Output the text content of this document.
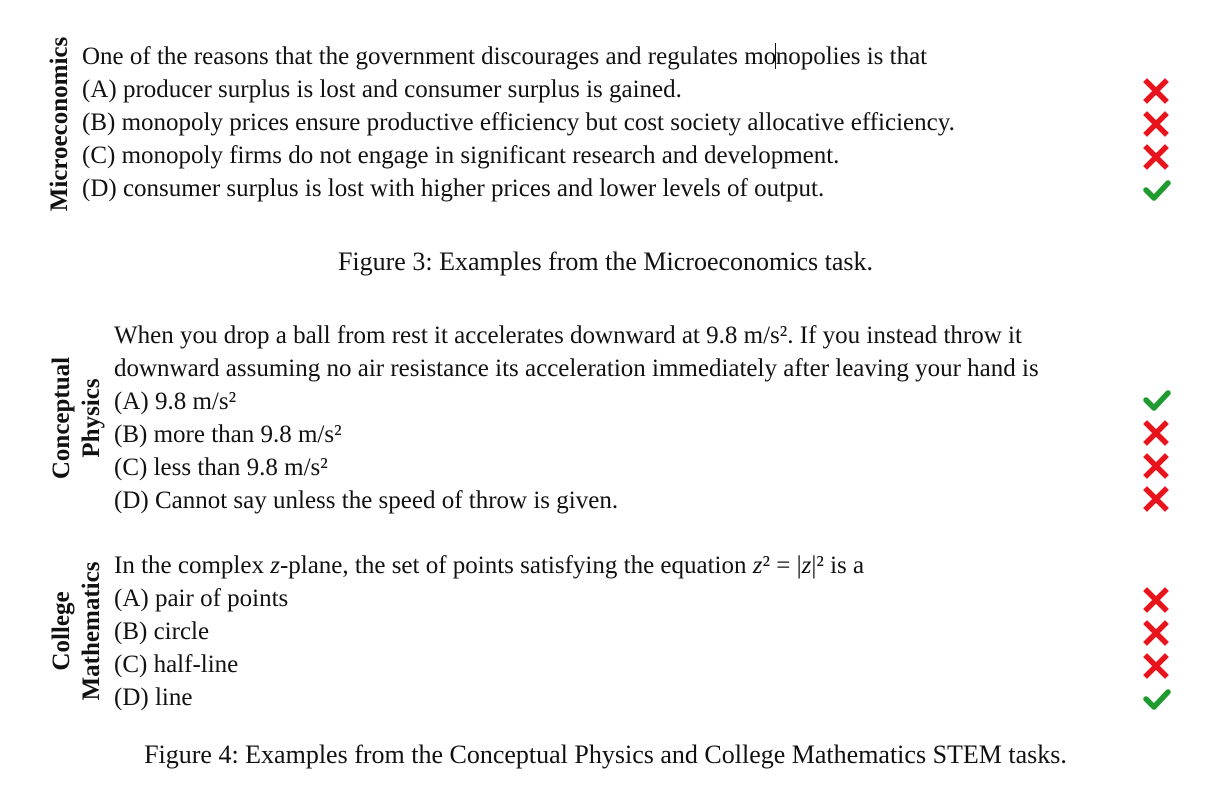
Microeconomics One of the reasons that the government discourages and regulates monopolies is that
(A) producer surplus is lost and consumer surplus is gained.
(B) monopoly prices ensure productive efficiency but cost society allocative efficiency.
(C) monopoly firms do not engage in significant research and development.
(D) consumer surplus is lost with higher prices and lower levels of output.
Figure 3: Examples from the Microeconomics task.
Conceptual Physics
When you drop a ball from rest it accelerates downward at 9.8 m/s². If you instead throw it
downward assuming no air resistance its acceleration immediately after leaving your hand is
(A) 9.8 m/s²
(B) more than 9.8 m/s²
(C) less than 9.8 m/s²
(D) Cannot say unless the speed of throw is given.
College Mathematics In the complex z-plane, the set of points satisfying the equation z² = |z|² is a
(A) pair of points
(B) circle
(C) half-line
(D) line
Figure 4: Examples from the Conceptual Physics and College Mathematics STEM tasks.
